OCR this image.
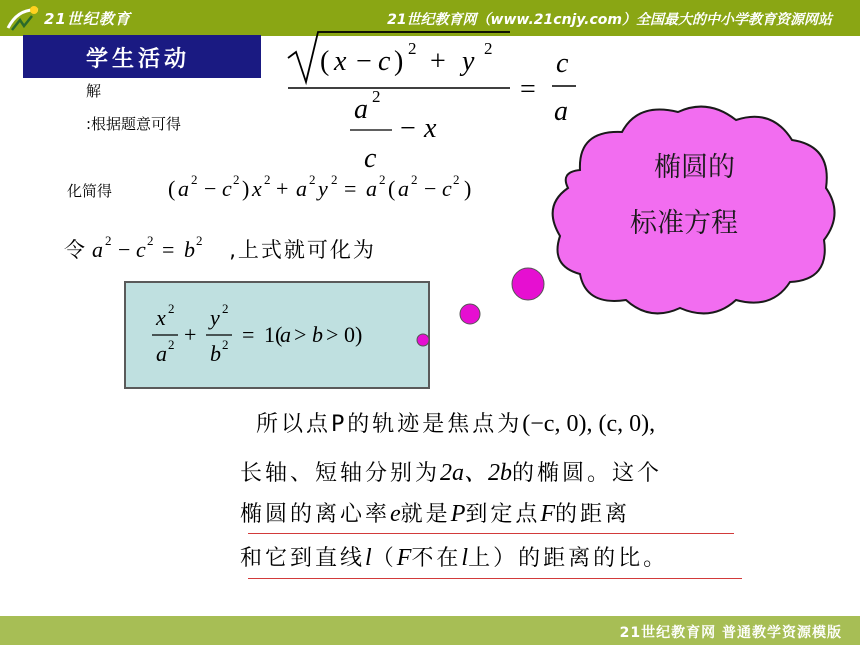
21世纪教育	21世纪教育网（www.21cnjy.com）全国最大的中小学教育资源网站
学生活动
解
:根据题意可得
( x − c ) 2 + y 2
a 2
c
− x
=
c
a
化简得	( a 2 − c 2 ) x 2 + a 2 y 2 = a 2 ( a 2 − c 2 )
令 a 2 − c 2 = b 2 ,上式就可化为
x 2
a 2 +
y 2
b 2 = 1(
a > b > 0)
椭圆的
标准方程
所以点P的轨迹是焦点为(−c, 0), (c, 0),
长轴、短轴分别为2a、2b的椭圆。这个
椭圆的离心率e就是P到定点F的距离
和它到直线l（F不在l上）的距离的比。
21世纪教育网 普通教学资源模版
